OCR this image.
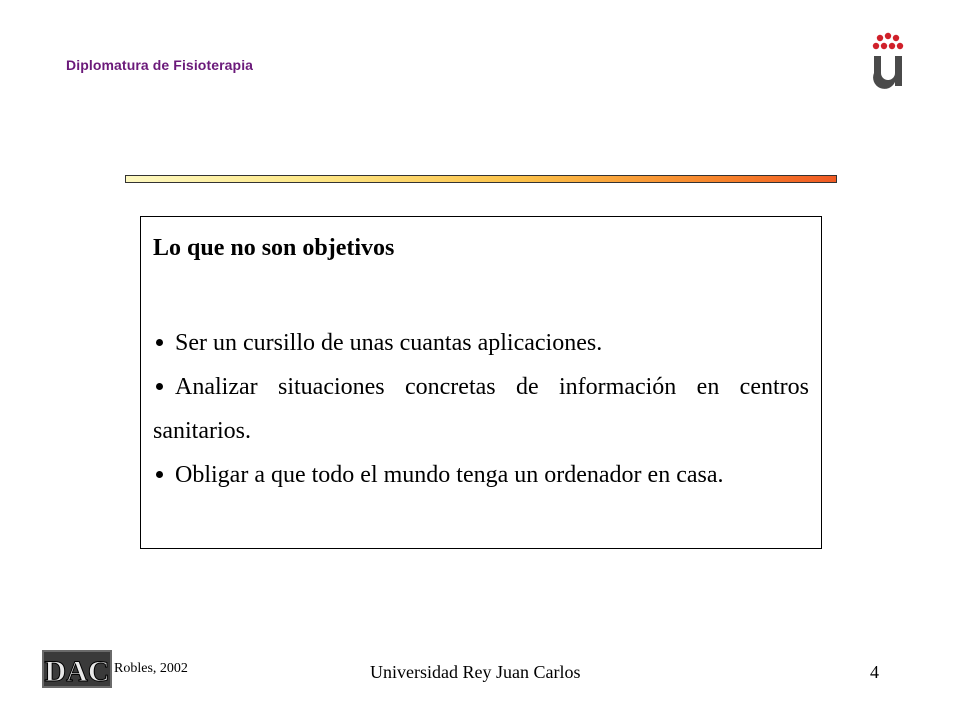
Diplomatura de Fisioterapia
Lo que no son objetivos
Ser un cursillo de unas cuantas aplicaciones.
Analizar situaciones concretas de información en centros sanitarios.
Obligar a que todo el mundo tenga un ordenador en casa.
DAC Robles, 2002	Universidad Rey Juan Carlos	4
